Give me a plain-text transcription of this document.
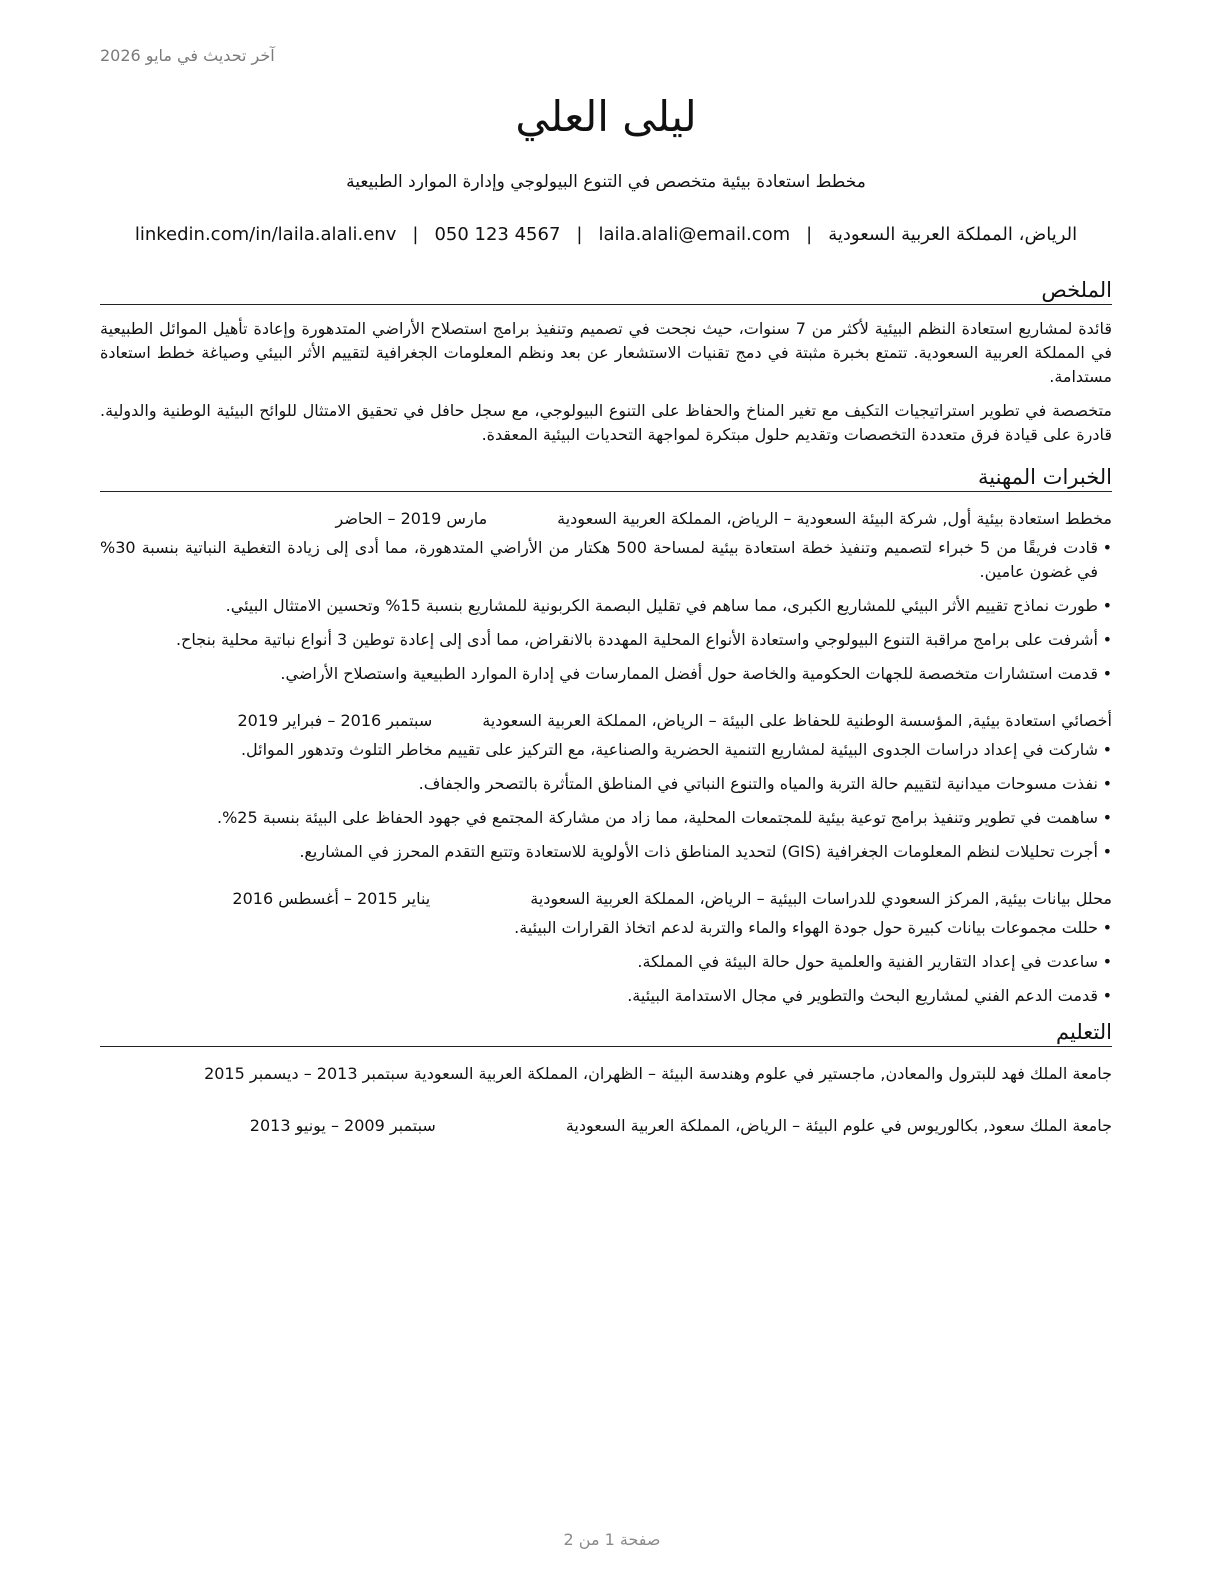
آخر تحديث في مايو 2026
ليلى العلي
مخطط استعادة بيئية متخصص في التنوع البيولوجي وإدارة الموارد الطبيعية
الرياض، المملكة العربية السعودية|laila.alali@email.com|050 123 4567|linkedin.com/in/laila.alali.env
الملخص

قائدة لمشاريع استعادة النظم البيئية لأكثر من 7 سنوات، حيث نجحت في تصميم وتنفيذ برامج استصلاح الأراضي المتدهورة وإعادة تأهيل الموائل الطبيعية في المملكة العربية السعودية. تتمتع بخبرة مثبتة في دمج تقنيات الاستشعار عن بعد ونظم المعلومات الجغرافية لتقييم الأثر البيئي وصياغة خطط استعادة مستدامة.

متخصصة في تطوير استراتيجيات التكيف مع تغير المناخ والحفاظ على التنوع البيولوجي، مع سجل حافل في تحقيق الامتثال للوائح البيئية الوطنية والدولية. قادرة على قيادة فرق متعددة التخصصات وتقديم حلول مبتكرة لمواجهة التحديات البيئية المعقدة.

الخبرات المهنية
مخطط استعادة بيئية أول, شركة البيئة السعودية – الرياض، المملكة العربية السعودية
مارس 2019 – الحاضر
•
قادت فريقًا من 5 خبراء لتصميم وتنفيذ خطة استعادة بيئية لمساحة 500 هكتار من الأراضي المتدهورة، مما أدى إلى زيادة التغطية النباتية بنسبة 30% في غضون عامين.
•
طورت نماذج تقييم الأثر البيئي للمشاريع الكبرى، مما ساهم في تقليل البصمة الكربونية للمشاريع بنسبة 15% وتحسين الامتثال البيئي.
•
أشرفت على برامج مراقبة التنوع البيولوجي واستعادة الأنواع المحلية المهددة بالانقراض، مما أدى إلى إعادة توطين 3 أنواع نباتية محلية بنجاح.
•
قدمت استشارات متخصصة للجهات الحكومية والخاصة حول أفضل الممارسات في إدارة الموارد الطبيعية واستصلاح الأراضي.
أخصائي استعادة بيئية, المؤسسة الوطنية للحفاظ على البيئة – الرياض، المملكة العربية السعودية
سبتمبر 2016 – فبراير 2019
•
شاركت في إعداد دراسات الجدوى البيئية لمشاريع التنمية الحضرية والصناعية، مع التركيز على تقييم مخاطر التلوث وتدهور الموائل.
•
نفذت مسوحات ميدانية لتقييم حالة التربة والمياه والتنوع النباتي في المناطق المتأثرة بالتصحر والجفاف.
•
ساهمت في تطوير وتنفيذ برامج توعية بيئية للمجتمعات المحلية، مما زاد من مشاركة المجتمع في جهود الحفاظ على البيئة بنسبة 25%.
•
أجرت تحليلات لنظم المعلومات الجغرافية (GIS) لتحديد المناطق ذات الأولوية للاستعادة وتتبع التقدم المحرز في المشاريع.
محلل بيانات بيئية, المركز السعودي للدراسات البيئية – الرياض، المملكة العربية السعودية
يناير 2015 – أغسطس 2016
•
حللت مجموعات بيانات كبيرة حول جودة الهواء والماء والتربة لدعم اتخاذ القرارات البيئية.
•
ساعدت في إعداد التقارير الفنية والعلمية حول حالة البيئة في المملكة.
•
قدمت الدعم الفني لمشاريع البحث والتطوير في مجال الاستدامة البيئية.
التعليم
جامعة الملك فهد للبترول والمعادن, ماجستير في علوم وهندسة البيئة – الظهران، المملكة العربية السعودية سبتمبر 2013 – ديسمبر 2015
جامعة الملك سعود, بكالوريوس في علوم البيئة – الرياض، المملكة العربية السعودية
سبتمبر 2009 – يونيو 2013
صفحة 1 من 2
